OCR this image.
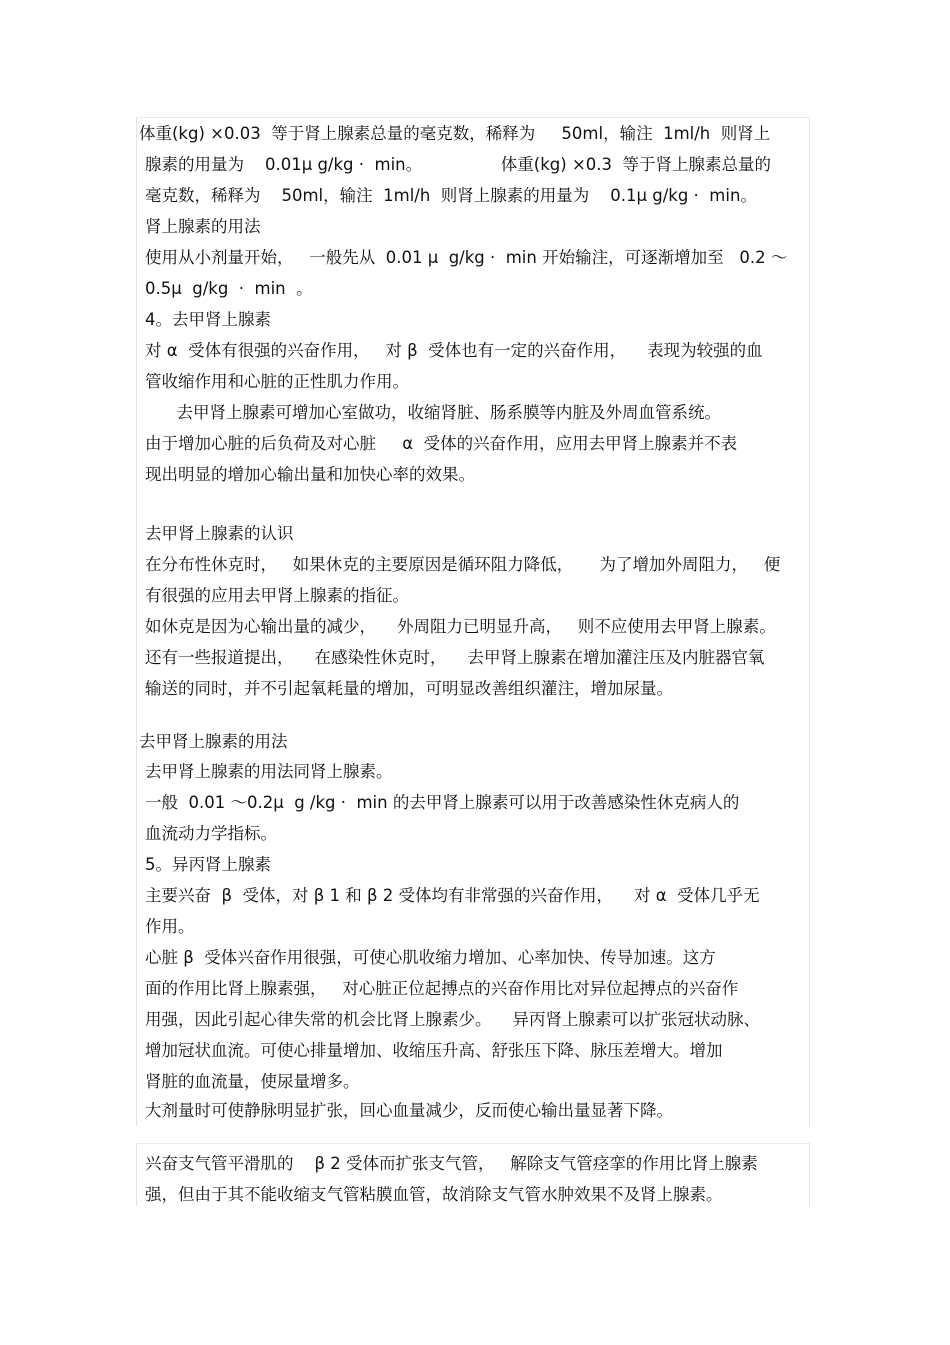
体重(kg) ×0.03  等于肾上腺素总量的毫克数，稀释为     50ml，输注  1ml/h  则肾上
腺素的用量为    0.01μ g/kg ·  min。               体重(kg) ×0.3  等于肾上腺素总量的
毫克数，稀释为    50ml，输注  1ml/h  则肾上腺素的用量为    0.1μ g/kg ·  min。
肾上腺素的用法
使用从小剂量开始，   一般先从  0.01 μ  g/kg ·  min 开始输注，可逐渐增加至   0.2 ～
0.5μ  g/kg  ·  min  。
4。去甲肾上腺素
对 α  受体有很强的兴奋作用，   对 β  受体也有一定的兴奋作用，    表现为较强的血
管收缩作用和心脏的正性肌力作用。
去甲肾上腺素可增加心室做功，收缩肾脏、肠系膜等内脏及外周血管系统。
由于增加心脏的后负荷及对心脏     α  受体的兴奋作用，应用去甲肾上腺素并不表
现出明显的增加心输出量和加快心率的效果。
去甲肾上腺素的认识
在分布性休克时，   如果休克的主要原因是循环阻力降低，     为了增加外周阻力，   便
有很强的应用去甲肾上腺素的指征。
如休克是因为心输出量的减少，    外周阻力已明显升高，   则不应使用去甲肾上腺素。
还有一些报道提出，    在感染性休克时，    去甲肾上腺素在增加灌注压及内脏器官氧
输送的同时，并不引起氧耗量的增加，可明显改善组织灌注，增加尿量。
去甲肾上腺素的用法
去甲肾上腺素的用法同肾上腺素。
一般  0.01 ～0.2μ  g /kg ·  min 的去甲肾上腺素可以用于改善感染性休克病人的
血流动力学指标。
5。异丙肾上腺素
主要兴奋  β  受体，对 β 1 和 β 2 受体均有非常强的兴奋作用，    对 α  受体几乎无
作用。
心脏 β  受体兴奋作用很强，可使心肌收缩力增加、心率加快、传导加速。这方
面的作用比肾上腺素强，   对心脏正位起搏点的兴奋作用比对异位起搏点的兴奋作
用强，因此引起心律失常的机会比肾上腺素少。    异丙肾上腺素可以扩张冠状动脉、
增加冠状血流。可使心排量增加、收缩压升高、舒张压下降、脉压差增大。增加
肾脏的血流量，使尿量增多。
大剂量时可使静脉明显扩张，回心血量减少，反而使心输出量显著下降。
兴奋支气管平滑肌的    β 2 受体而扩张支气管，   解除支气管痉挛的作用比肾上腺素
强，但由于其不能收缩支气管粘膜血管，故消除支气管水肿效果不及肾上腺素。
